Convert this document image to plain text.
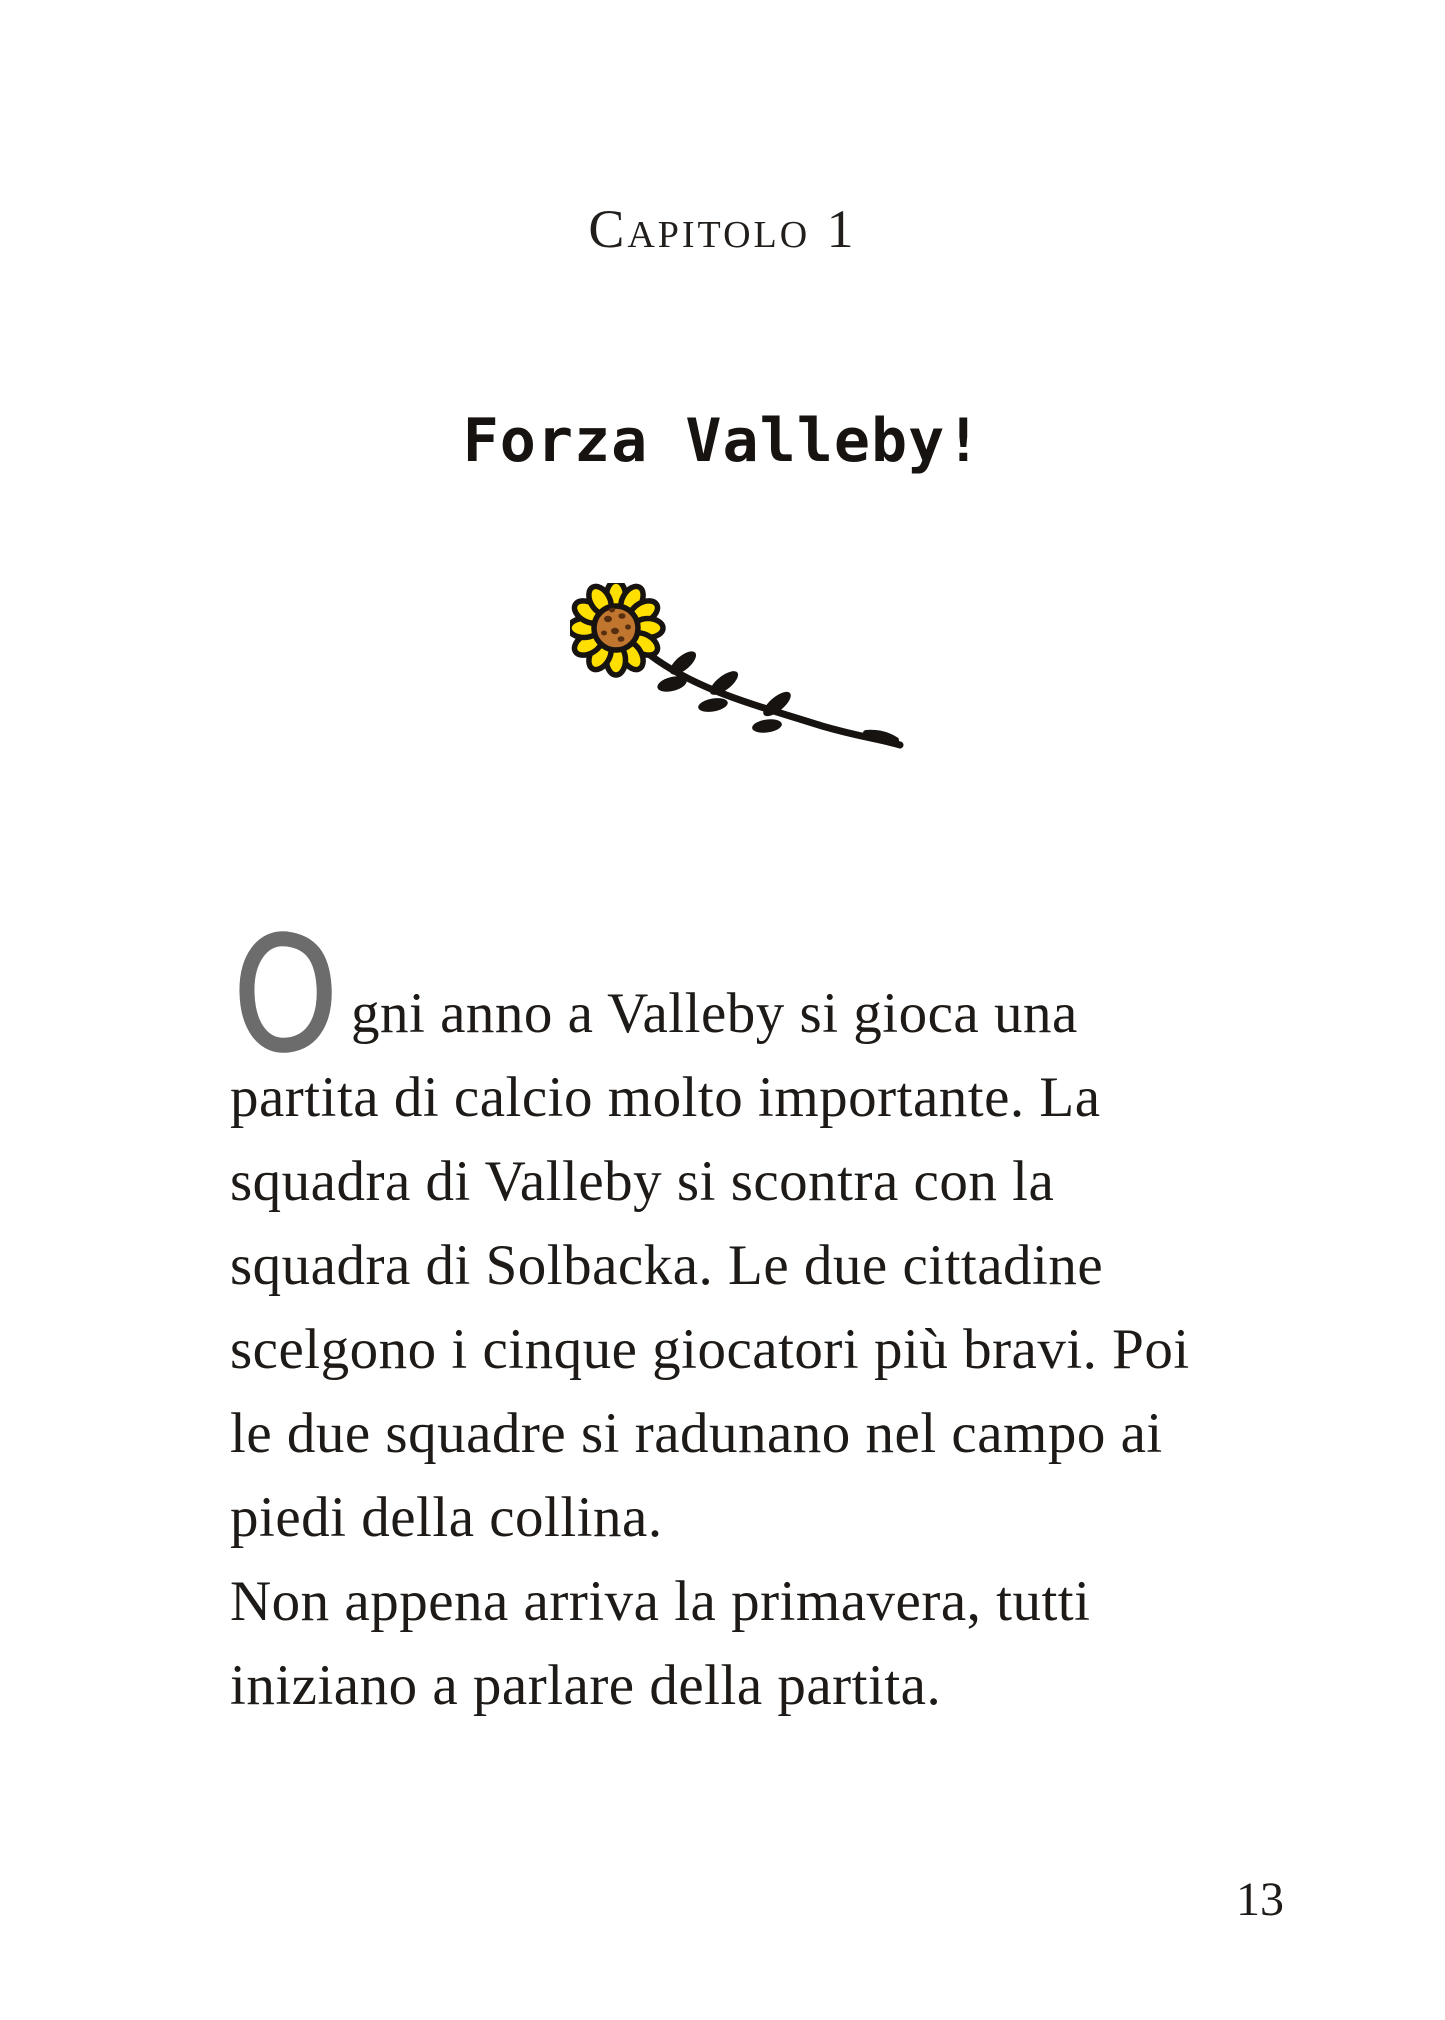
Capitolo 1
Forza Valleby!
gni anno a Valleby si gioca una
partita di calcio molto importante. La
squadra di Valleby si scontra con la
squadra di Solbacka. Le due cittadine
scelgono i cinque giocatori più bravi. Poi
le due squadre si radunano nel campo ai
piedi della collina.
Non appena arriva la primavera, tutti
iniziano a parlare della partita.
13
